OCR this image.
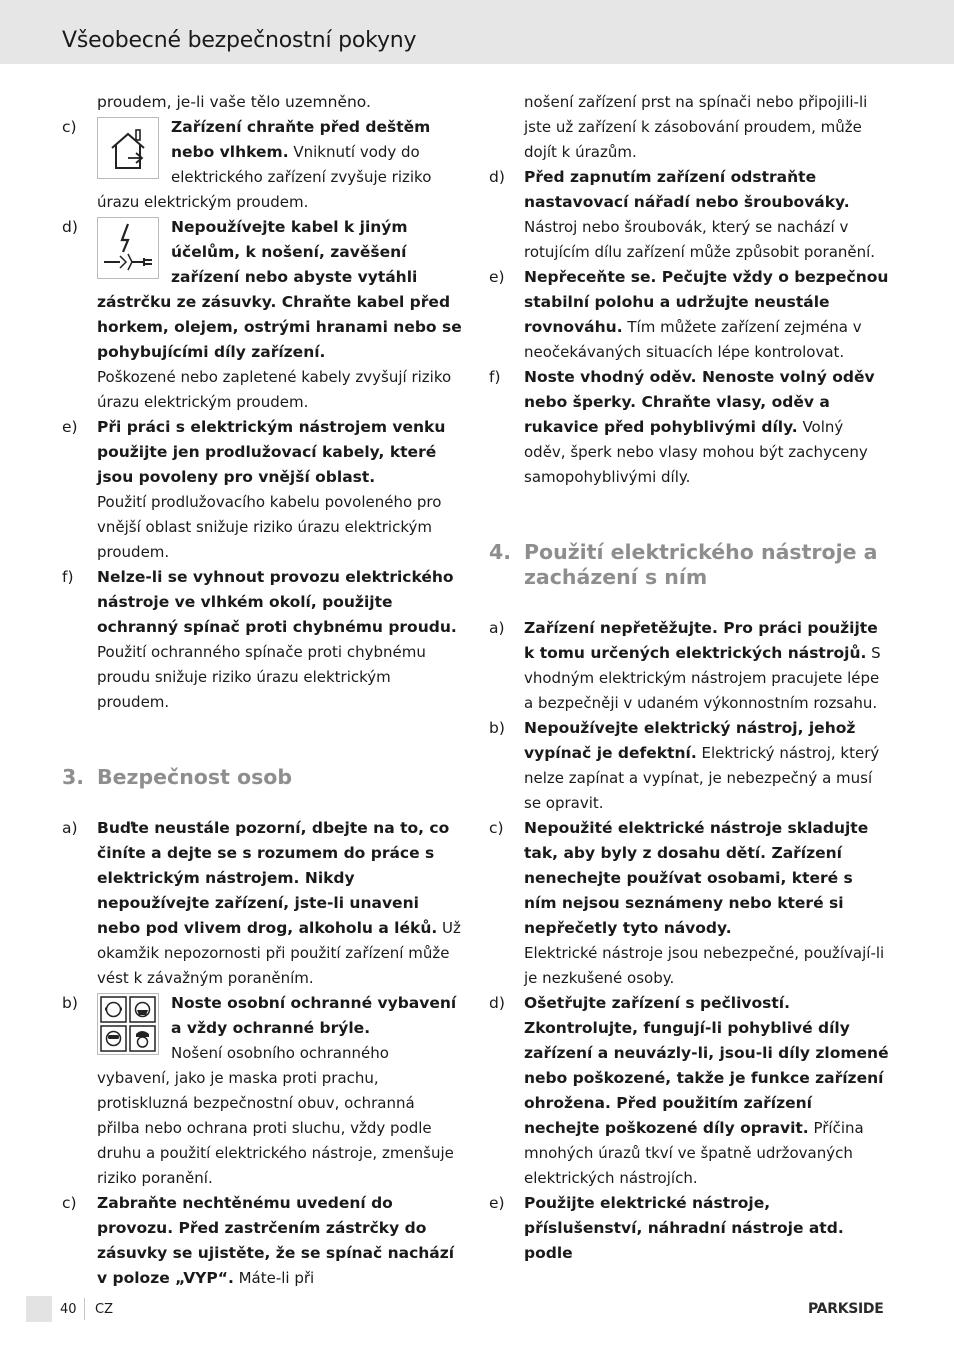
Všeobecné bezpečnostní pokyny
proudem, je-li vaše tělo uzemněno.
c)	Zařízení chraňte před deštěm nebo vlhkem. Vniknutí vody do elektrického zařízení zvyšuje riziko úrazu elektrickým proudem.
d)	Nepoužívejte kabel k jiným účelům, k nošení, zavěšení zařízení nebo abyste vytáhli zástrčku ze zásuvky. Chraňte kabel před horkem, olejem, ostrými hranami nebo se pohybujícími díly zařízení.
Poškozené nebo zapletené kabely zvyšují riziko úrazu elektrickým proudem.
e) Při práci s elektrickým nástrojem venku použijte jen prodlužovací kabely, které jsou povoleny pro vnější oblast.
Použití prodlužovacího kabelu povoleného pro vnější oblast snižuje riziko úrazu elektrickým proudem.
f) Nelze-li se vyhnout provozu elektrického nástroje ve vlhkém okolí, použijte ochranný spínač proti chybnému proudu. Použití ochranného spínače proti chybnému proudu snižuje riziko úrazu elektrickým proudem.
3. Bezpečnost osob
a) Buďte neustále pozorní, dbejte na to, co činíte a dejte se s rozumem do práce s elektrickým nástrojem. Nikdy nepoužívejte zařízení, jste-li unaveni nebo pod vlivem drog, alkoholu a léků. Už okamžik nepozornosti při použití zařízení může vést k závažným poraněním.
b)	Noste osobní ochranné vybavení a vždy ochranné brýle.
Nošení osobního ochranného vybavení, jako je maska proti prachu, protiskluzná bezpečnostní obuv, ochranná přilba nebo ochrana proti sluchu, vždy podle druhu a použití elektrického nástroje, zmenšuje riziko poranění.
c) Zabraňte nechtěnému uvedení do provozu. Před zastrčením zástrčky do zásuvky se ujistěte, že se spínač nachází v poloze „VYP“. Máte-li při
nošení zařízení prst na spínači nebo připojili-li jste už zařízení k zásobování proudem, může dojít k úrazům.
d) Před zapnutím zařízení odstraňte nastavovací nářadí nebo šroubováky.
Nástroj nebo šroubovák, který se nachází v rotujícím dílu zařízení může způsobit poranění.
e) Nepřeceňte se. Pečujte vždy o bezpečnou stabilní polohu a udržujte neustále rovnováhu. Tím můžete zařízení zejména v neočekávaných situacích lépe kontrolovat.
f) Noste vhodný oděv. Nenoste volný oděv nebo šperky. Chraňte vlasy, oděv a rukavice před pohyblivými díly. Volný oděv, šperk nebo vlasy mohou být zachyceny samopohyblivými díly.
4. Použití elektrického nástroje a zacházení s ním
a) Zařízení nepřetěžujte. Pro práci použijte k tomu určených elektrických nástrojů. S vhodným elektrickým nástrojem pracujete lépe a bezpečněji v udaném výkonnostním rozsahu.
b) Nepoužívejte elektrický nástroj, jehož vypínač je defektní. Elektrický nástroj, který nelze zapínat a vypínat, je nebezpečný a musí se opravit.
c) Nepoužité elektrické nástroje skladujte tak, aby byly z dosahu dětí. Zařízení nenechejte používat osobami, které s ním nejsou seznámeny nebo které si nepřečetly tyto návody.
Elektrické nástroje jsou nebezpečné, používají-li je nezkušené osoby.
d) Ošetřujte zařízení s pečlivostí. Zkontrolujte, fungují-li pohyblivé díly zařízení a neuvázly-li, jsou-li díly zlomené nebo poškozené, takže je funkce zařízení ohrožena. Před použitím zařízení nechejte poškozené díly opravit. Příčina mnohých úrazů tkví ve špatně udržovaných elektrických nástrojích.
e) Použijte elektrické nástroje, příslušenství, náhradní nástroje atd. podle
40 CZ	PARKSIDE
